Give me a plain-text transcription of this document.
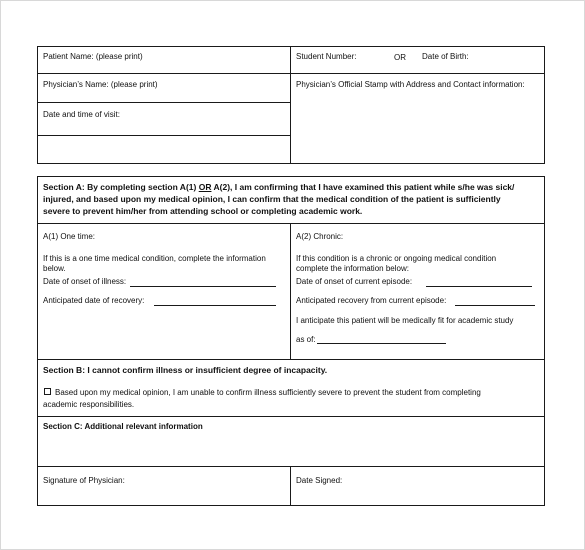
Patient Name: (please print)	Student Number:	OR Date of Birth:
Physician’s Name: (please print)	Physician’s Official Stamp with Address and Contact information:
Date and time of visit:
Section A: By completing section A(1) OR A(2), I am confirming that I have examined this patient while s/he was sick/
injured, and based upon my medical opinion, I can confirm that the medical condition of the patient is sufficiently
severe to prevent him/her from attending school or completing academic work.
A(1) One time:
If this is a one time medical condition, complete the information
below.
Date of onset of illness:
Anticipated date of recovery:
A(2) Chronic:
If this condition is a chronic or ongoing medical condition
complete the information below:
Date of onset of current episode:
Anticipated recovery from current episode:
I anticipate this patient will be medically fit for academic study
as of:
Section B: I cannot confirm illness or insufficient degree of incapacity.
Based upon my medical opinion, I am unable to confirm illness sufficiently severe to prevent the student from completing
academic responsibilities.
Section C: Additional relevant information
Signature of Physician:	Date Signed:
